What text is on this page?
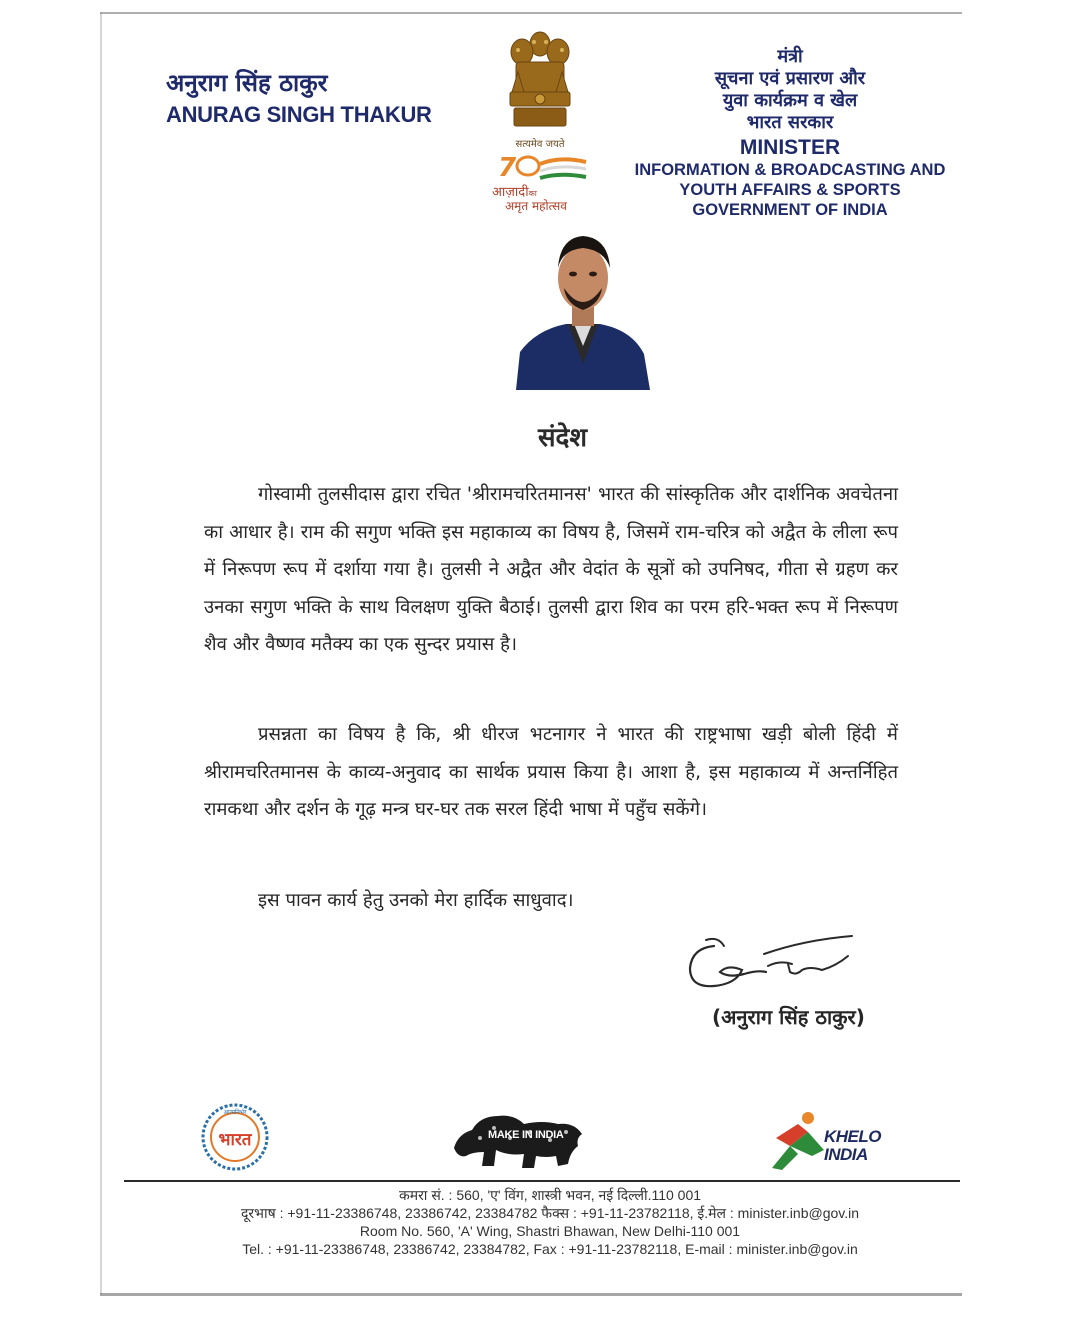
अनुराग सिंह ठाकुर
ANURAG SINGH THAKUR
सत्यमेव जयते
7
आज़ादीका
अमृत महोत्सव
मंत्री
सूचना एवं प्रसारण और
युवा कार्यक्रम व खेल
भारत सरकार
MINISTER
INFORMATION & BROADCASTING AND
YOUTH AFFAIRS & SPORTS
GOVERNMENT OF INDIA
संदेश

गोस्वामी तुलसीदास द्वारा रचित 'श्रीरामचरितमानस' भारत की सांस्कृतिक और दार्शनिक अवचेतना का आधार है। राम की सगुण भक्ति इस महाकाव्य का विषय है, जिसमें राम-चरित्र को अद्वैत के लीला रूप में निरूपण रूप में दर्शाया गया है। तुलसी ने अद्वैत और वेदांत के सूत्रों को उपनिषद, गीता से ग्रहण कर उनका सगुण भक्ति के साथ विलक्षण युक्ति बैठाई। तुलसी द्वारा शिव का परम हरि-भक्त रूप में निरूपण शैव और वैष्णव मतैक्य का एक सुन्दर प्रयास है।

प्रसन्नता का विषय है कि, श्री धीरज भटनागर ने भारत की राष्ट्रभाषा खड़ी बोली हिंदी में श्रीरामचरितमानस के काव्य-अनुवाद का सार्थक प्रयास किया है। आशा है, इस महाकाव्य में अन्तर्निहित रामकथा और दर्शन के गूढ़ मन्त्र घर-घर तक सरल हिंदी भाषा में पहुँच सकेंगे।

इस पावन कार्य हेतु उनको मेरा हार्दिक साधुवाद।

(अनुराग सिंह ठाकुर)
आत्मनिर्भर
भारत	MAKE IN INDIA	KHELO
INDIA
कमरा सं. : 560, 'ए' विंग, शास्त्री भवन, नई दिल्ली.110 001
दूरभाष : +91-11-23386748, 23386742, 23384782 फैक्स : +91-11-23782118, ई.मेल : minister.inb@gov.in
Room No. 560, 'A' Wing, Shastri Bhawan, New Delhi-110 001
Tel. : +91-11-23386748, 23386742, 23384782, Fax : +91-11-23782118, E-mail : minister.inb@gov.in
